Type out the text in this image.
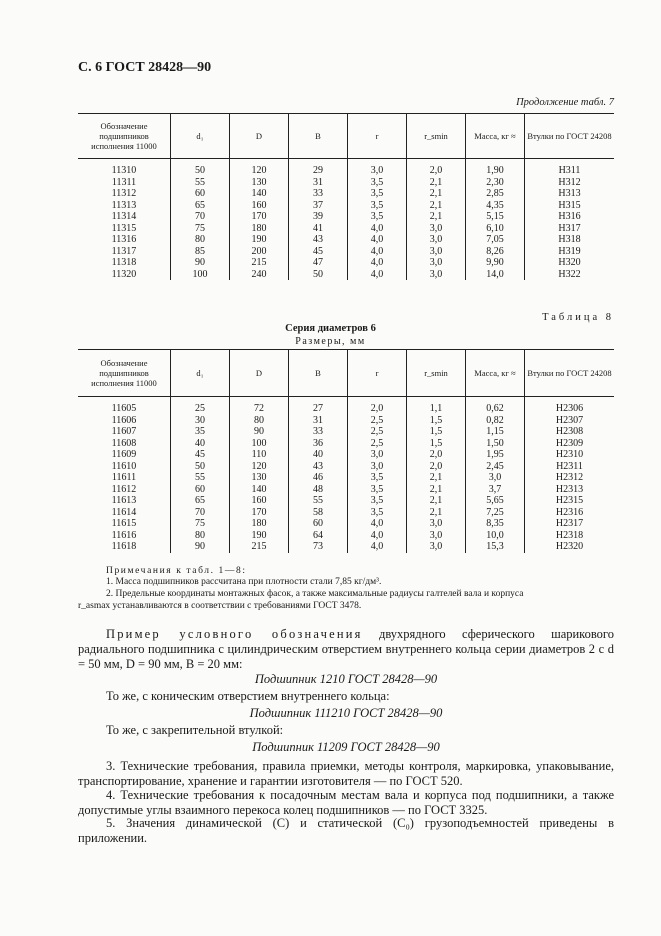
С. 6 ГОСТ 28428—90
Продолжение табл. 7
Обозначение подшипников исполнения 11000	d₁	D	B	r	r_smin	Масса, кг ≈	Втулки по ГОСТ 24208
11310	50	120	29	3,0	2,0	1,90	Н311
11311	55	130	31	3,5	2,1	2,30	Н312
11312	60	140	33	3,5	2,1	2,85	Н313
11313	65	160	37	3,5	2,1	4,35	Н315
11314	70	170	39	3,5	2,1	5,15	Н316
11315	75	180	41	4,0	3,0	6,10	Н317
11316	80	190	43	4,0	3,0	7,05	Н318
11317	85	200	45	4,0	3,0	8,26	Н319
11318	90	215	47	4,0	3,0	9,90	Н320
11320	100	240	50	4,0	3,0	14,0	Н322
Таблица 8
Серия диаметров 6
Размеры, мм
Обозначение подшипников исполнения 11000	d₁	D	B	r	r_smin	Масса, кг ≈	Втулки по ГОСТ 24208
11605	25	72	27	2,0	1,1	0,62	Н2306
11606	30	80	31	2,5	1,5	0,82	Н2307
11607	35	90	33	2,5	1,5	1,15	Н2308
11608	40	100	36	2,5	1,5	1,50	Н2309
11609	45	110	40	3,0	2,0	1,95	Н2310
11610	50	120	43	3,0	2,0	2,45	Н2311
11611	55	130	46	3,5	2,1	3,0	Н2312
11612	60	140	48	3,5	2,1	3,7	Н2313
11613	65	160	55	3,5	2,1	5,65	Н2315
11614	70	170	58	3,5	2,1	7,25	Н2316
11615	75	180	60	4,0	3,0	8,35	Н2317
11616	80	190	64	4,0	3,0	10,0	Н2318
11618	90	215	73	4,0	3,0	15,3	Н2320
Примечания к табл. 1—8:
1. Масса подшипников рассчитана при плотности стали 7,85 кг/дм³.
2. Предельные координаты монтажных фасок, а также максимальные радиусы галтелей вала и корпуса
r_asmax устанавливаются в соответствии с требованиями ГОСТ 3478.

Пример условного обозначения двухрядного сферического шарикового радиального подшипника с цилиндрическим отверстием внутреннего кольца серии диаметров 2 с d = 50 мм, D = 90 мм, B = 20 мм:

Подшипник 1210 ГОСТ 28428—90

То же, с коническим отверстием внутреннего кольца:

Подшипник 111210 ГОСТ 28428—90

То же, с закрепительной втулкой:

Подшипник 11209 ГОСТ 28428—90

3. Технические требования, правила приемки, методы контроля, маркировка, упаковывание, транспортирование, хранение и гарантии изготовителя — по ГОСТ 520.

4. Технические требования к посадочным местам вала и корпуса под подшипники, а также допустимые углы взаимного перекоса колец подшипников — по ГОСТ 3325.

5. Значения динамической (C) и статической (C₀) грузоподъемностей приведены в приложении.
